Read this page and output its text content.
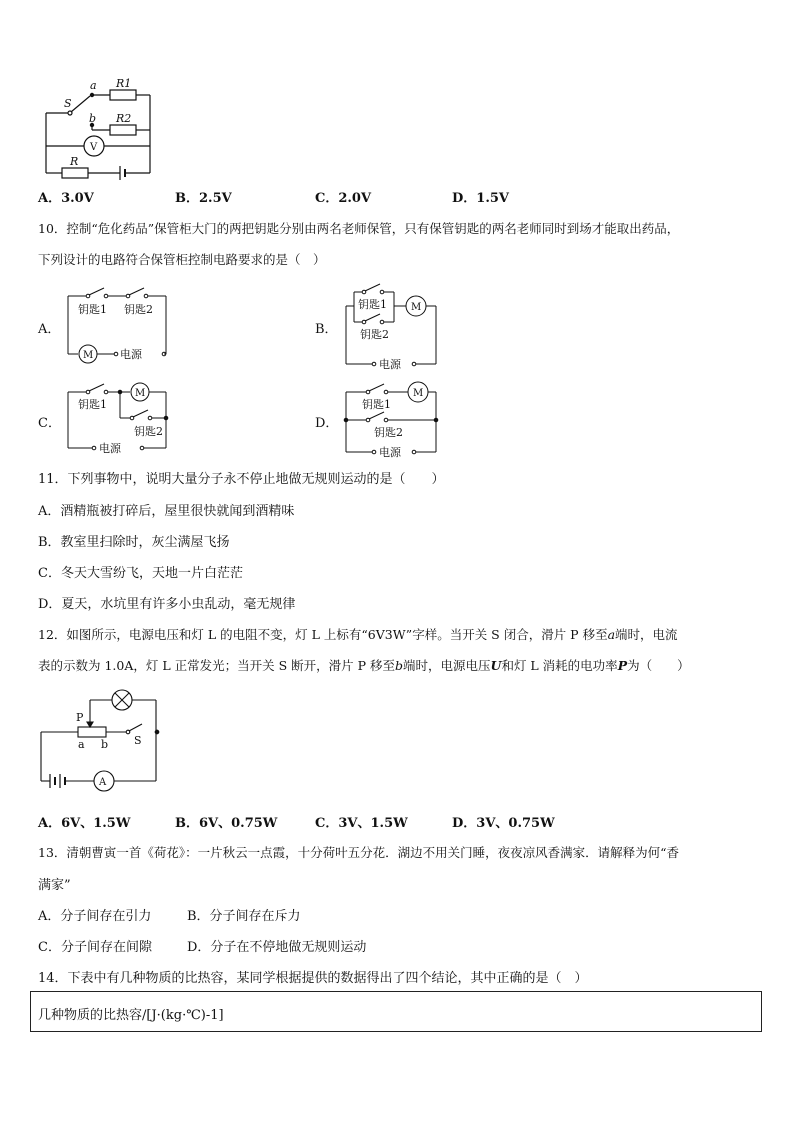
a R1
S
b R2
V
R
A．3.0V	B．2.5V	C．2.0V	D．1.5V
10．控制“危化药品”保管柜大门的两把钥匙分别由两名老师保管，只有保管钥匙的两名老师同时到场才能取出药品，
下列设计的电路符合保管柜控制电路要求的是（　）
A．
钥匙1 钥匙2
M 电源
B．
钥匙1
钥匙2
M
电源
C．
钥匙1
M
钥匙2
电源
D．
钥匙1
M
钥匙2
电源
11．下列事物中，说明大量分子永不停止地做无规则运动的是（　　）
A．酒精瓶被打碎后，屋里很快就闻到酒精味
B．教室里扫除时，灰尘满屋飞扬
C．冬天大雪纷飞，天地一片白茫茫
D．夏天，水坑里有许多小虫乱动，毫无规律
12．如图所示，电源电压和灯 L 的电阻不变，灯 L 上标有“6V3W”字样。当开关 S 闭合，滑片 P 移至a端时，电流
表的示数为 1.0A，灯 L 正常发光；当开关 S 断开，滑片 P 移至b端时，电源电压U和灯 L 消耗的电功率P为（　　）
P
a b S
A
A．6V、1.5W	B．6V、0.75W	C．3V、1.5W	D．3V、0.75W
13．清朝曹寅一首《荷花》：一片秋云一点霞，十分荷叶五分花．湖边不用关门睡，夜夜凉风香满家．请解释为何“香
满家”
A．分子间存在引力	B．分子间存在斥力
C．分子间存在间隙	D．分子在不停地做无规则运动
14．下表中有几种物质的比热容，某同学根据提供的数据得出了四个结论，其中正确的是（　）
几种物质的比热容/[J·(kg·℃)-1]
